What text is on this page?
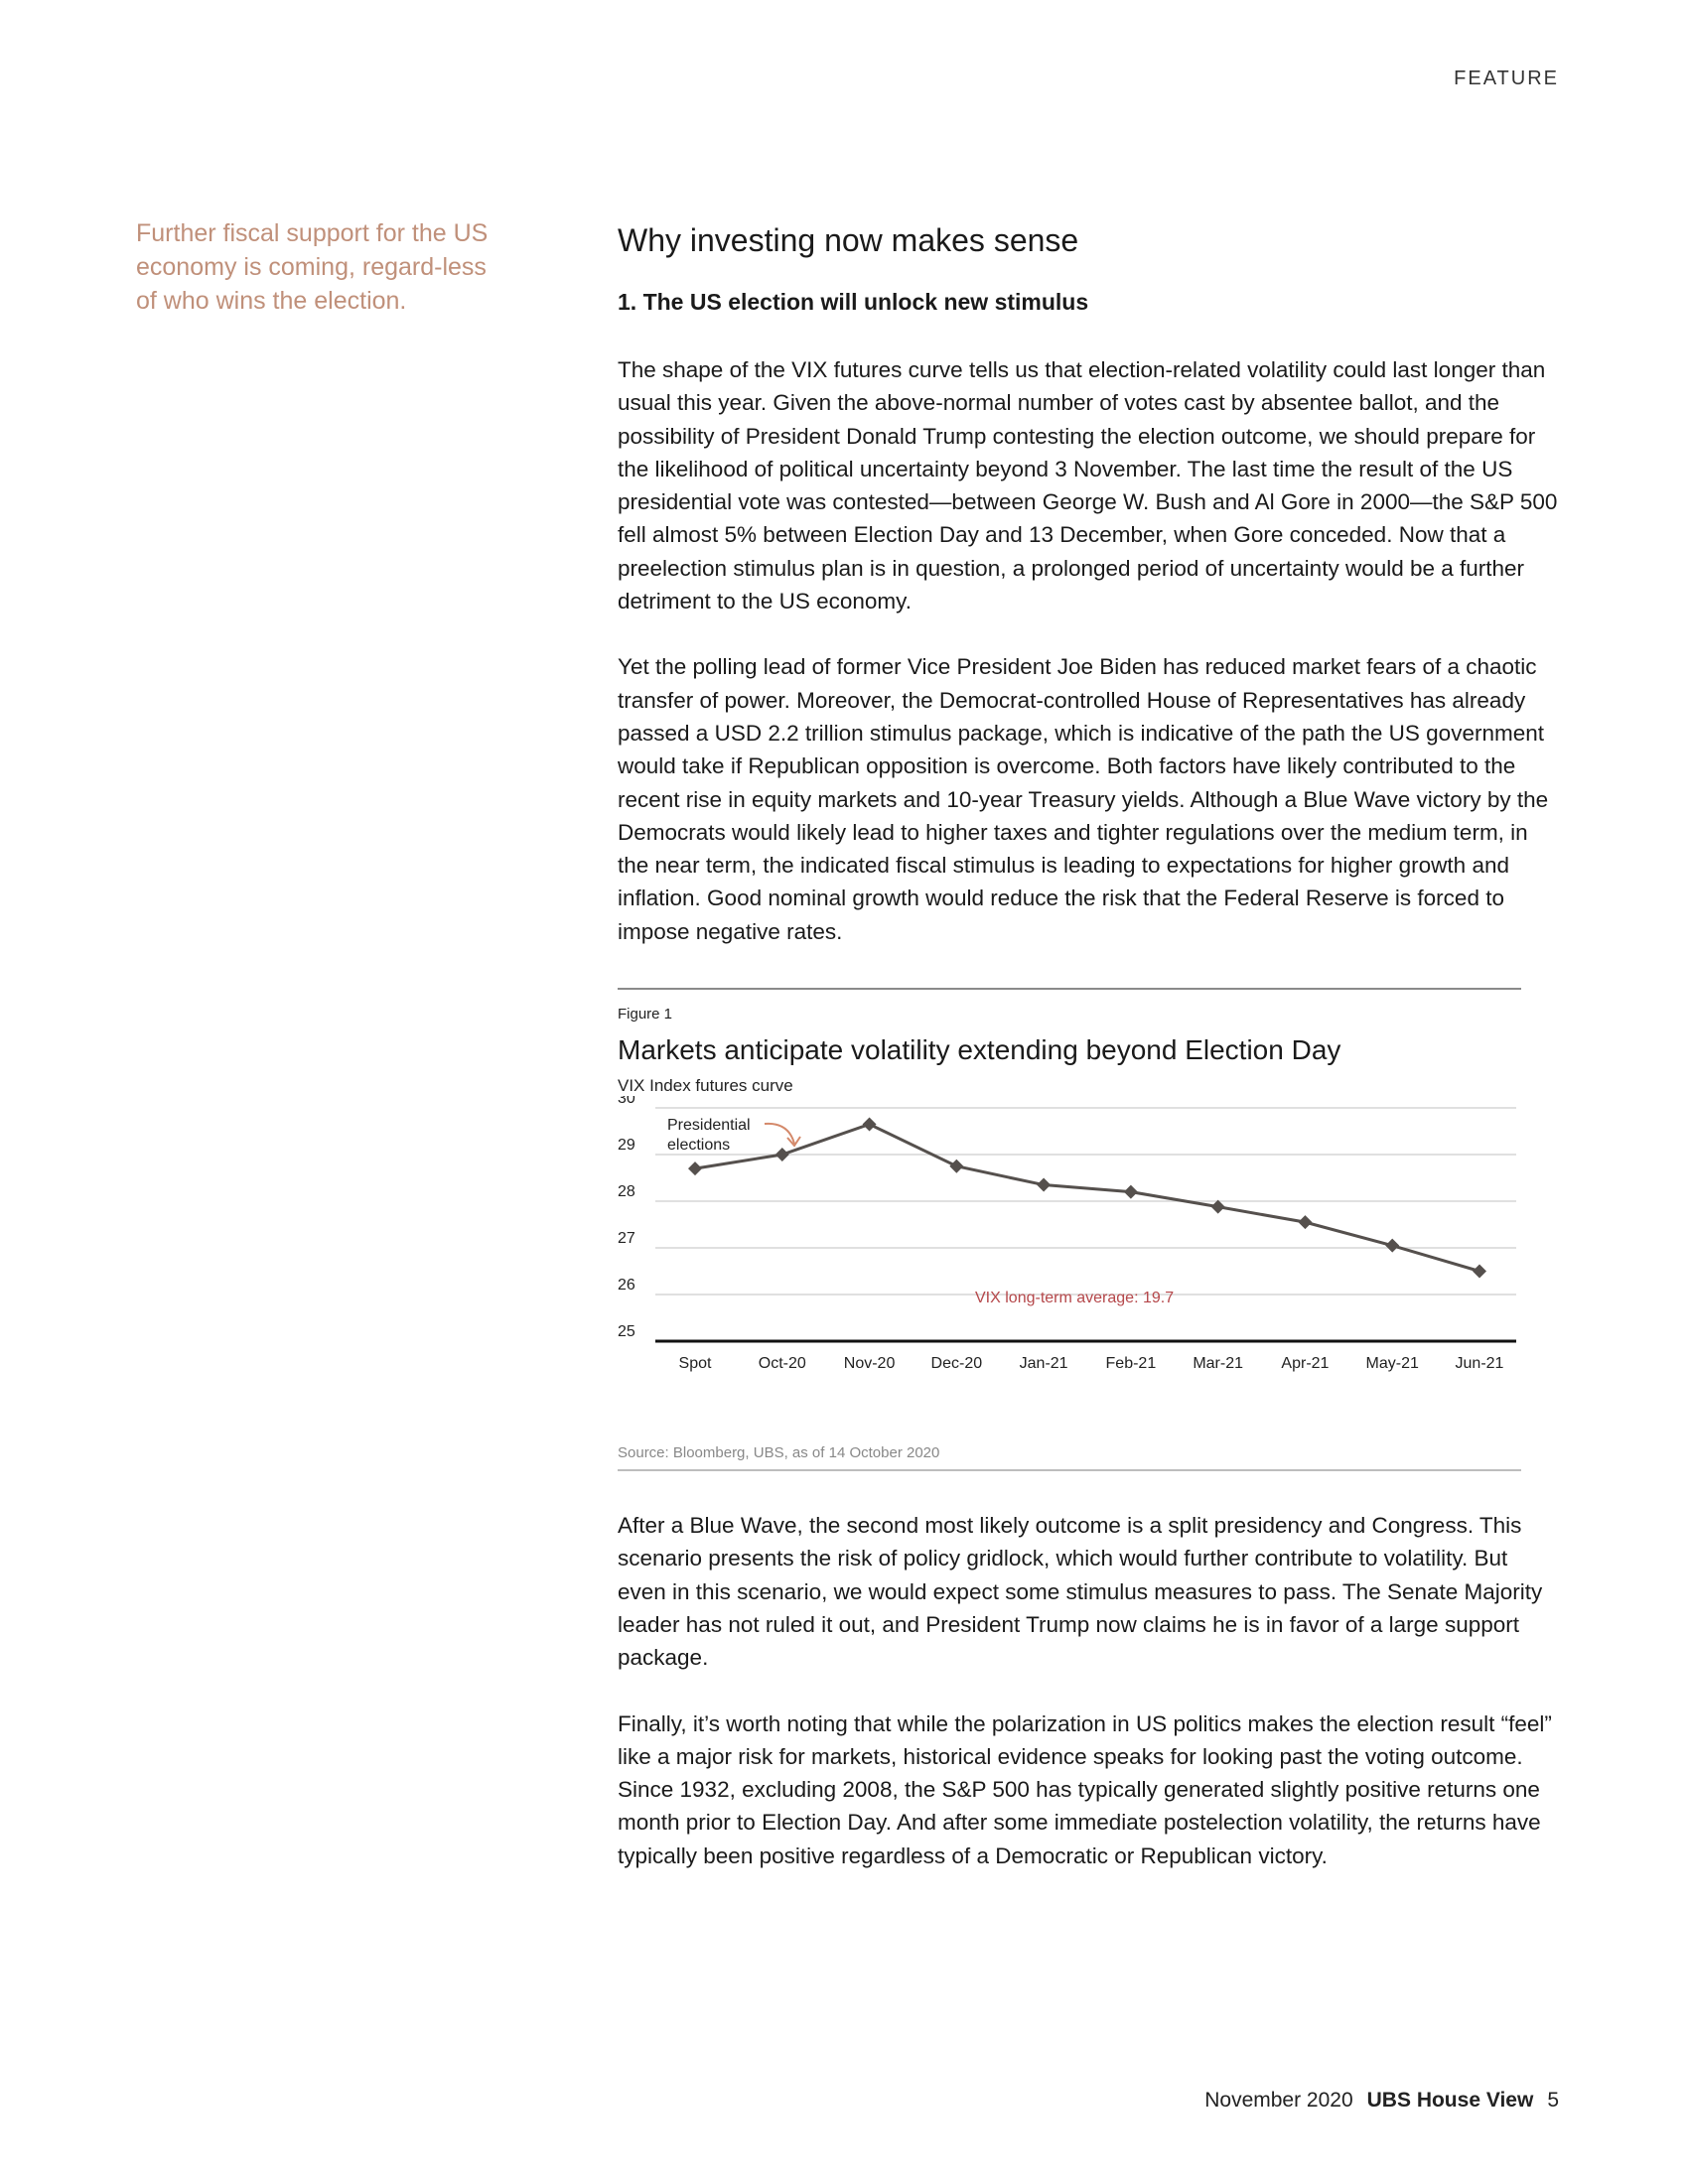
FEATURE
Further fiscal support for the US economy is coming, regard-less of who wins the election.
Why investing now makes sense
1. The US election will unlock new stimulus

The shape of the VIX futures curve tells us that election-related volatility could last longer than usual this year. Given the above-normal number of votes cast by absentee ballot, and the possibility of President Donald Trump contesting the election outcome, we should prepare for the likelihood of political uncertainty beyond 3 November. The last time the result of the US presidential vote was contested—between George W. Bush and Al Gore in 2000—the S&P 500 fell almost 5% between Election Day and 13 December, when Gore conceded. Now that a preelection stimulus plan is in question, a prolonged period of uncertainty would be a further detriment to the US economy.

Yet the polling lead of former Vice President Joe Biden has reduced market fears of a chaotic transfer of power. Moreover, the Democrat-controlled House of Representatives has already passed a USD 2.2 trillion stimulus package, which is indicative of the path the US government would take if Republican opposition is overcome. Both factors have likely contributed to the recent rise in equity markets and 10-year Treasury yields. Although a Blue Wave victory by the Democrats would likely lead to higher taxes and tighter regulations over the medium term, in the near term, the indicated fiscal stimulus is leading to expectations for higher growth and inflation. Good nominal growth would reduce the risk that the Federal Reserve is forced to impose negative rates.

Figure 1
Markets anticipate volatility extending beyond Election Day
VIX Index futures curve
25
26
27
28
29
30
Spot	Oct-20 Nov-20 Dec-20 Jan-21 Feb-21 Mar-21 Apr-21 May-21 Jun-21
Presidential
elections
VIX long-term average: 19.7
Source: Bloomberg, UBS, as of 14 October 2020

After a Blue Wave, the second most likely outcome is a split presidency and Congress. This scenario presents the risk of policy gridlock, which would further contribute to volatility. But even in this scenario, we would expect some stimulus measures to pass. The Senate Majority leader has not ruled it out, and President Trump now claims he is in favor of a large support package.

Finally, it’s worth noting that while the polarization in US politics makes the election result “feel” like a major risk for markets, historical evidence speaks for looking past the voting outcome. Since 1932, excluding 2008, the S&P 500 has typically generated slightly positive returns one month prior to Election Day. And after some immediate postelection volatility, the returns have typically been positive regardless of a Democratic or Republican victory.

November 2020 UBS House View 5
